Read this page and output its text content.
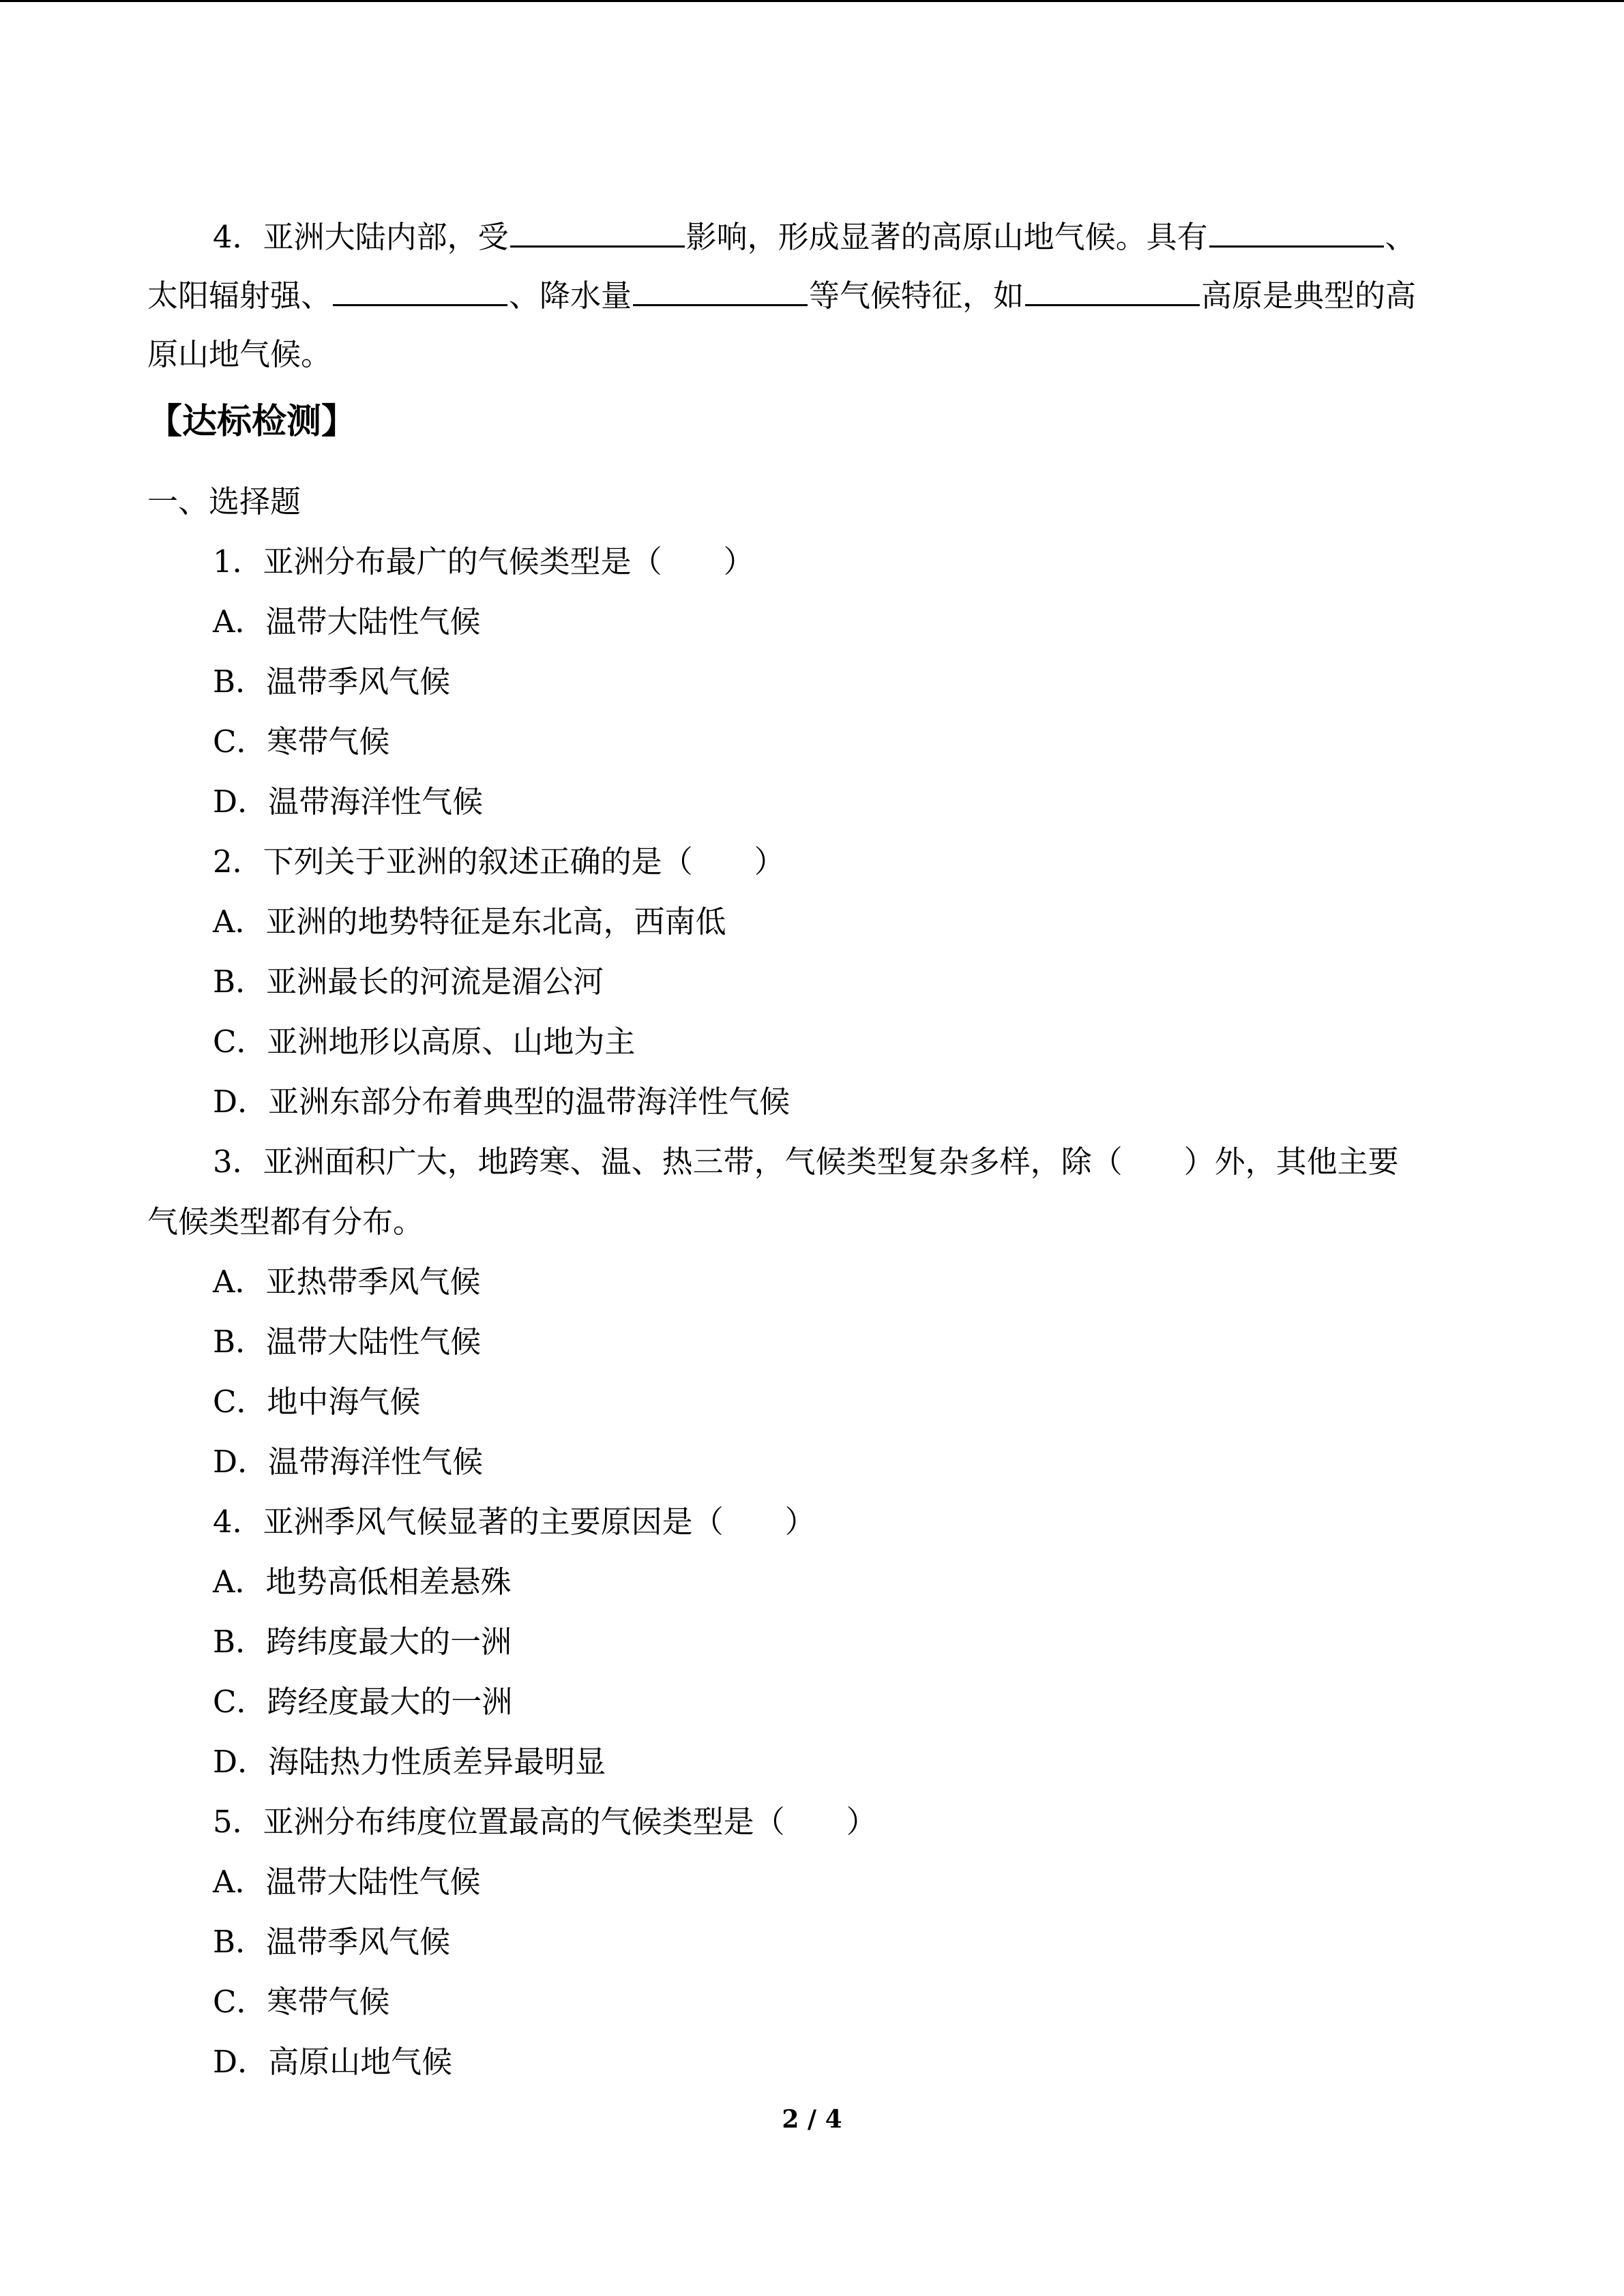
4．亚洲大陆内部，受	影响，形成显著的高原山地气候。具有	、
太阳辐射强、	、降水量	等气候特征，如	高原是典型的高
原山地气候。
【达标检测】
一、选择题
1．亚洲分布最广的气候类型是（　　）
A．温带大陆性气候
B．温带季风气候
C．寒带气候
D．温带海洋性气候
2．下列关于亚洲的叙述正确的是（　　）
A．亚洲的地势特征是东北高，西南低
B．亚洲最长的河流是湄公河
C．亚洲地形以高原、山地为主
D．亚洲东部分布着典型的温带海洋性气候
3．亚洲面积广大，地跨寒、温、热三带，气候类型复杂多样，除（　　）外，其他主要
气候类型都有分布。
A．亚热带季风气候
B．温带大陆性气候
C．地中海气候
D．温带海洋性气候
4．亚洲季风气候显著的主要原因是（　　）
A．地势高低相差悬殊
B．跨纬度最大的一洲
C．跨经度最大的一洲
D．海陆热力性质差异最明显
5．亚洲分布纬度位置最高的气候类型是（　　）
A．温带大陆性气候
B．温带季风气候
C．寒带气候
D．高原山地气候
2 / 4
